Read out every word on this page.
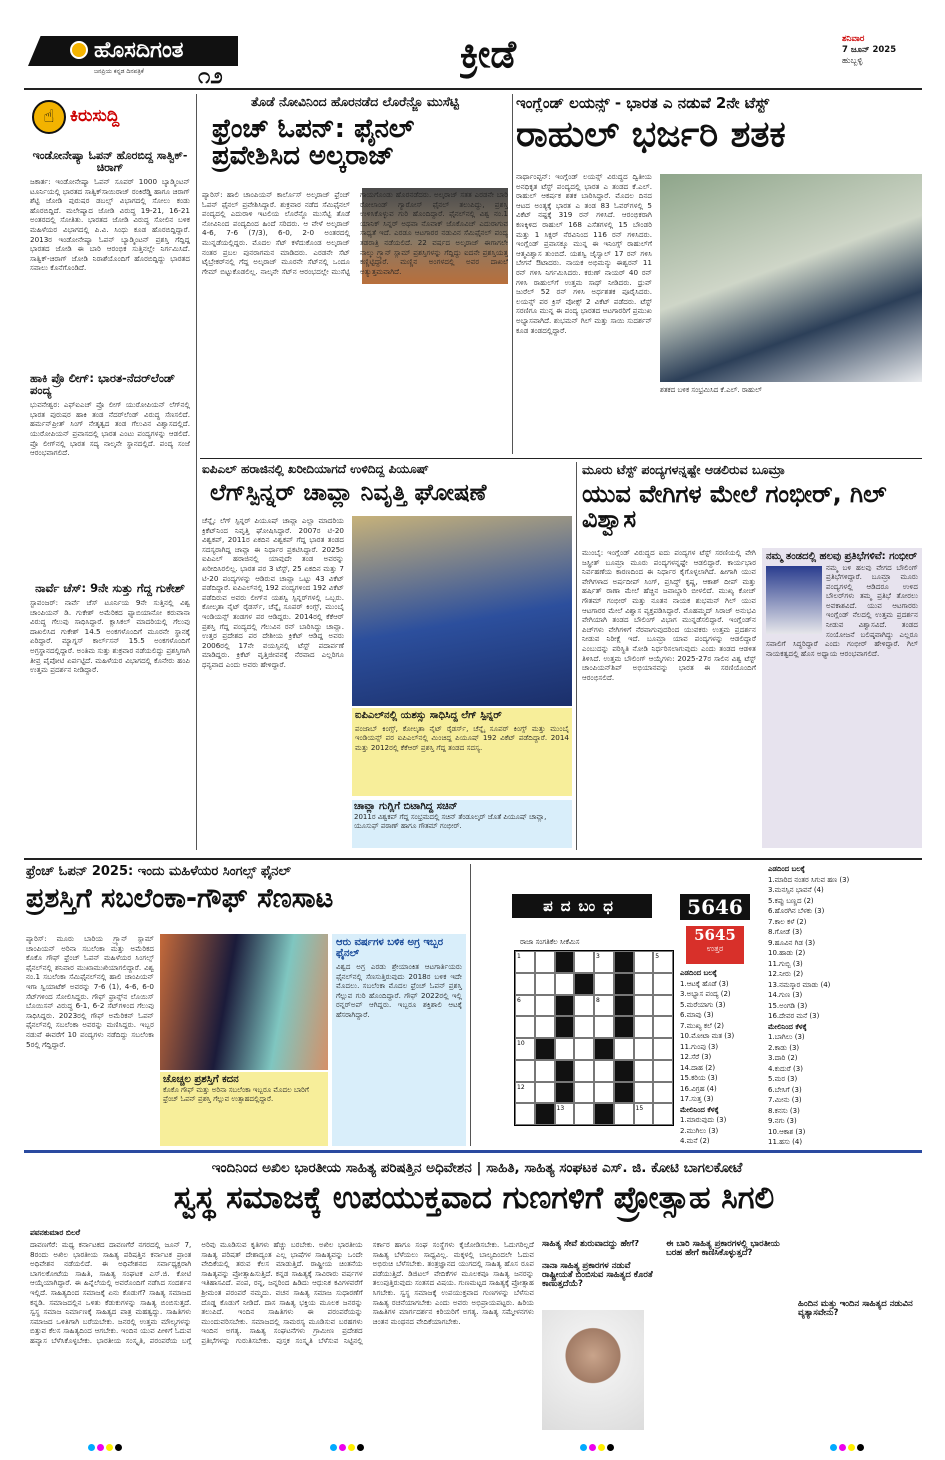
ಹೊಸದಿಗಂತ
ಜನಪ್ರಿಯ ಕನ್ನಡ ದಿನಪತ್ರಿಕೆ ೧೨
ಕ್ರೀಡೆ	ಶನಿವಾರ
7 ಜೂನ್ 2025
ಹುಬ್ಬಳ್ಳಿ
☝ ಕಿರುಸುದ್ದಿ
ಇಂಡೋನೇಷ್ಯಾ ಓಪನ್ ಹೊರಬಿದ್ದ ಸಾತ್ವಿಕ್-ಚಿರಾಗ್
ಜಕಾರ್ತ: ಇಂಡೋನೇಷ್ಯಾ ಓಪನ್ ಸೂಪರ್ 1000 ಬ್ಯಾಡ್ಮಿಂಟನ್ ಟೂರ್ನಿಯಲ್ಲಿ ಭಾರತದ ಸಾತ್ವಿಕ್‌ಸಾಯಿರಾಜ್ ರಂಕಿರೆಡ್ಡಿ ಹಾಗೂ ಚಿರಾಗ್ ಶೆಟ್ಟಿ ಜೋಡಿ ಪುರುಷರ ಡಬಲ್ಸ್ ವಿಭಾಗದಲ್ಲಿ ಸೋಲು ಕಂಡು ಹೊರಬಿದ್ದಿದೆ. ಮಲೇಷ್ಯಾದ ಜೋಡಿ ವಿರುದ್ಧ 19-21, 16-21 ಅಂತರದಲ್ಲಿ ಸೋತಿತು. ಭಾರತದ ಜೋಡಿ ವಿರುದ್ಧ ಸೋಲಿನ ಬಳಿಕ ಮಹಿಳೆಯರ ವಿಭಾಗದಲ್ಲಿ ಪಿ.ವಿ. ಸಿಂಧು ಕೂಡ ಹೊರಬಿದ್ದಿದ್ದಾರೆ. 2013ರ ಇಂಡೋನೇಷ್ಯಾ ಓಪನ್ ಬ್ಯಾಡ್ಮಿಂಟನ್ ಪ್ರಶಸ್ತಿ ಗೆದ್ದಿದ್ದ ಭಾರತದ ಜೋಡಿ ಈ ಬಾರಿ ಆರಂಭಿಕ ಸುತ್ತಿನಲ್ಲೇ ನಿರ್ಗಮಿಸಿದೆ. ಸಾತ್ವಿಕ್-ಚಿರಾಗ್ ಜೋಡಿ ನಿರಾಶೆಯೊಂದಿಗೆ ಹೊರಬಿದ್ದಿದ್ದು ಭಾರತದ ಸವಾಲು ಕೊನೆಗೊಂಡಿದೆ.
ಹಾಕಿ ಪ್ರೊ ಲೀಗ್: ಭಾರತ-ನೆದರ್‌ಲೆಂಡ್ ಪಂದ್ಯ
ಭುವನೇಶ್ವರ: ಎಫ್‌ಐಎಚ್ ಪ್ರೊ ಲೀಗ್ ಯುರೋಪಿಯನ್ ಲೆಗ್‌ನಲ್ಲಿ ಭಾರತ ಪುರುಷರ ಹಾಕಿ ತಂಡ ನೆದರ್‌ಲೆಂಡ್ ವಿರುದ್ಧ ಸೆಣಸಲಿದೆ. ಹರ್ಮನ್‌ಪ್ರೀತ್ ಸಿಂಗ್ ನೇತೃತ್ವದ ತಂಡ ಗೆಲುವಿನ ವಿಶ್ವಾಸದಲ್ಲಿದೆ. ಯುರೋಪಿಯನ್ ಪ್ರವಾಸದಲ್ಲಿ ಭಾರತ ಎಂಟು ಪಂದ್ಯಗಳನ್ನು ಆಡಲಿದೆ. ಪ್ರೊ ಲೀಗ್‌ನಲ್ಲಿ ಭಾರತ ಸದ್ಯ ನಾಲ್ಕನೇ ಸ್ಥಾನದಲ್ಲಿದೆ. ಪಂದ್ಯ ಸಂಜೆ ಆರಂಭವಾಗಲಿದೆ.
ನಾರ್ವೆ ಚೆಸ್: 9ನೇ ಸುತ್ತು ಗೆದ್ದ ಗುಕೇಶ್
ಸ್ಟಾವಂಜರ್: ನಾರ್ವೆ ಚೆಸ್ ಟೂರ್ನಿಯ 9ನೇ ಸುತ್ತಿನಲ್ಲಿ ವಿಶ್ವ ಚಾಂಪಿಯನ್ ಡಿ. ಗುಕೇಶ್ ಅಮೆರಿಕದ ಫ್ಯಾಬಿಯಾನೋ ಕರುವಾನಾ ವಿರುದ್ಧ ಗೆಲುವು ಸಾಧಿಸಿದ್ದಾರೆ. ಕ್ಲಾಸಿಕಲ್ ಮಾದರಿಯಲ್ಲಿ ಗೆಲುವು ದಾಖಲಿಸಿದ ಗುಕೇಶ್ 14.5 ಅಂಕಗಳೊಂದಿಗೆ ಮೂರನೇ ಸ್ಥಾನಕ್ಕೆ ಏರಿದ್ದಾರೆ. ಮ್ಯಾಗ್ನಸ್ ಕಾರ್ಲ್‌ಸನ್ 15.5 ಅಂಕಗಳೊಂದಿಗೆ ಅಗ್ರಸ್ಥಾನದಲ್ಲಿದ್ದಾರೆ. ಅಂತಿಮ ಸುತ್ತು ಶುಕ್ರವಾರ ನಡೆಯಲಿದ್ದು ಪ್ರಶಸ್ತಿಗಾಗಿ ತೀವ್ರ ಪೈಪೋಟಿ ಏರ್ಪಟ್ಟಿದೆ. ಮಹಿಳೆಯರ ವಿಭಾಗದಲ್ಲಿ ಕೊನೇರು ಹಂಪಿ ಉತ್ತಮ ಪ್ರದರ್ಶನ ನೀಡಿದ್ದಾರೆ.
ತೊಡೆ ನೋವಿನಿಂದ ಹೊರನಡೆದ ಲೊರೆನ್ಜೊ ಮುಸೆಟ್ಟಿ
ಫ್ರೆಂಚ್ ಓಪನ್: ಫೈನಲ್ ಪ್ರವೇಶಿಸಿದ ಅಲ್ಕರಾಜ್
ಪ್ಯಾರಿಸ್: ಹಾಲಿ ಚಾಂಪಿಯನ್ ಕಾರ್ಲೊಸ್ ಅಲ್ಕರಾಜ್ ಫ್ರೆಂಚ್ ಓಪನ್ ಫೈನಲ್ ಪ್ರವೇಶಿಸಿದ್ದಾರೆ. ಶುಕ್ರವಾರ ನಡೆದ ಸೆಮಿಫೈನಲ್ ಪಂದ್ಯದಲ್ಲಿ ಎದುರಾಳಿ ಇಟಲಿಯ ಲೊರೆನ್ಜೊ ಮುಸೆಟ್ಟಿ ತೊಡೆ ನೋವಿನಿಂದ ಪಂದ್ಯದಿಂದ ಹಿಂದೆ ಸರಿದರು. ಆ ವೇಳೆ ಅಲ್ಕರಾಜ್ 4-6, 7-6 (7/3), 6-0, 2-0 ಅಂತರದಲ್ಲಿ ಮುನ್ನಡೆಯಲ್ಲಿದ್ದರು. ಮೊದಲ ಸೆಟ್ ಕಳೆದುಕೊಂಡ ಅಲ್ಕರಾಜ್ ನಂತರ ಪ್ರಬಲ ಪುನರಾಗಮನ ಮಾಡಿದರು. ಎರಡನೇ ಸೆಟ್ ಟೈಬ್ರೇಕರ್‌ನಲ್ಲಿ ಗೆದ್ದ ಅಲ್ಕರಾಜ್ ಮೂರನೇ ಸೆಟ್‌ನಲ್ಲಿ ಒಂದೂ ಗೇಮ್ ಬಿಟ್ಟುಕೊಡಲಿಲ್ಲ. ನಾಲ್ಕನೇ ಸೆಟ್‌ನ ಆರಂಭದಲ್ಲೇ ಮುಸೆಟ್ಟಿ ಗಾಯಗೊಂಡು ಹೊರನಡೆದರು. ಅಲ್ಕರಾಜ್ ಸತತ ಎರಡನೇ ಬಾರಿ ರೋಲಾಂಡ್ ಗ್ಯಾರೋಸ್ ಫೈನಲ್ ತಲುಪಿದ್ದು, ಪ್ರಶಸ್ತಿ ಉಳಿಸಿಕೊಳ್ಳುವ ಗುರಿ ಹೊಂದಿದ್ದಾರೆ. ಫೈನಲ್‌ನಲ್ಲಿ ವಿಶ್ವ ನಂ.1 ಯಾನಿಕ್ ಸಿನ್ನರ್ ಅಥವಾ ನೊವಾಕ್ ಜೊಕೊವಿಚ್ ಎದುರಾಗುವ ಸಾಧ್ಯತೆ ಇದೆ. ಎರಡೂ ಆಟಗಾರರ ನಡುವಿನ ಸೆಮಿಫೈನಲ್ ಪಂದ್ಯ ತಡರಾತ್ರಿ ನಡೆಯಲಿದೆ. 22 ವರ್ಷದ ಅಲ್ಕರಾಜ್ ಈಗಾಗಲೇ ನಾಲ್ಕು ಗ್ರ್ಯಾನ್ ಸ್ಲಾಮ್ ಪ್ರಶಸ್ತಿಗಳನ್ನು ಗೆದ್ದಿದ್ದು ಐದನೇ ಪ್ರಶಸ್ತಿಯತ್ತ ಕಣ್ಣಿಟ್ಟಿದ್ದಾರೆ. ಮಣ್ಣಿನ ಅಂಗಳದಲ್ಲಿ ಅವರ ದಾಖಲೆ ಅತ್ಯುತ್ತಮವಾಗಿದೆ.
ಇಂಗ್ಲೆಂಡ್ ಲಯನ್ಸ್ - ಭಾರತ ಎ ನಡುವೆ 2ನೇ ಟೆಸ್ಟ್
ರಾಹುಲ್ ಭರ್ಜರಿ ಶತಕ
ನಾರ್ಥಾಂಪ್ಟನ್: ಇಂಗ್ಲೆಂಡ್ ಲಯನ್ಸ್ ವಿರುದ್ಧದ ದ್ವಿತೀಯ ಅನಧಿಕೃತ ಟೆಸ್ಟ್ ಪಂದ್ಯದಲ್ಲಿ ಭಾರತ ಎ ತಂಡದ ಕೆ.ಎಲ್. ರಾಹುಲ್ ಆಕರ್ಷಕ ಶತಕ ಬಾರಿಸಿದ್ದಾರೆ. ಮೊದಲ ದಿನದ ಆಟದ ಅಂತ್ಯಕ್ಕೆ ಭಾರತ ಎ ತಂಡ 83 ಓವರ್‌ಗಳಲ್ಲಿ 5 ವಿಕೆಟ್ ನಷ್ಟಕ್ಕೆ 319 ರನ್ ಗಳಿಸಿದೆ. ಆರಂಭಿಕರಾಗಿ ಕಣಕ್ಕಿಳಿದ ರಾಹುಲ್ 168 ಎಸೆತಗಳಲ್ಲಿ 15 ಬೌಂಡರಿ ಮತ್ತು 1 ಸಿಕ್ಸರ್ ನೆರವಿನಿಂದ 116 ರನ್ ಗಳಿಸಿದರು. ಇಂಗ್ಲೆಂಡ್ ಪ್ರವಾಸಕ್ಕೂ ಮುನ್ನ ಈ ಇನಿಂಗ್ಸ್ ರಾಹುಲ್‌ಗೆ ಆತ್ಮವಿಶ್ವಾಸ ತುಂಬಿದೆ. ಯಶಸ್ವಿ ಜೈಸ್ವಾಲ್ 17 ರನ್ ಗಳಿಸಿ ಬೇಗನೆ ಔಟಾದರು. ನಾಯಕ ಅಭಿಮನ್ಯು ಈಶ್ವರನ್ 11 ರನ್ ಗಳಿಸಿ ನಿರ್ಗಮಿಸಿದರು. ಕರುಣ್ ನಾಯರ್ 40 ರನ್ ಗಳಿಸಿ ರಾಹುಲ್‌ಗೆ ಉತ್ತಮ ಸಾಥ್ ನೀಡಿದರು. ಧ್ರುವ್ ಜುರೆಲ್ 52 ರನ್ ಗಳಿಸಿ ಅರ್ಧಶತಕ ಪೂರೈಸಿದರು. ಲಯನ್ಸ್ ಪರ ಕ್ರಿಸ್ ವೋಕ್ಸ್ 2 ವಿಕೆಟ್ ಪಡೆದರು. ಟೆಸ್ಟ್ ಸರಣಿಗೂ ಮುನ್ನ ಈ ಪಂದ್ಯ ಭಾರತದ ಆಟಗಾರರಿಗೆ ಪ್ರಮುಖ ಅಭ್ಯಾಸವಾಗಿದೆ. ಶುಭಮನ್ ಗಿಲ್ ಮತ್ತು ಸಾಯಿ ಸುದರ್ಶನ್ ಕೂಡ ತಂಡದಲ್ಲಿದ್ದಾರೆ.
ಶತಕದ ಬಳಿಕ ಸಂಭ್ರಮಿಸಿದ ಕೆ.ಎಲ್. ರಾಹುಲ್
ಐಪಿಎಲ್ ಹರಾಜಿನಲ್ಲಿ ಖರೀದಿಯಾಗದೆ ಉಳಿದಿದ್ದ ಪಿಯೂಷ್
ಲೆಗ್‌ಸ್ಪಿನ್ನರ್ ಚಾವ್ಲಾ ನಿವೃತ್ತಿ ಘೋಷಣೆ
ಚೆನ್ನೈ: ಲೆಗ್ ಸ್ಪಿನ್ನರ್ ಪಿಯೂಷ್ ಚಾವ್ಲಾ ಎಲ್ಲಾ ಮಾದರಿಯ ಕ್ರಿಕೆಟ್‌ನಿಂದ ನಿವೃತ್ತಿ ಘೋಷಿಸಿದ್ದಾರೆ. 2007ರ ಟಿ-20 ವಿಶ್ವಕಪ್, 2011ರ ಏಕದಿನ ವಿಶ್ವಕಪ್ ಗೆದ್ದ ಭಾರತ ತಂಡದ ಸದಸ್ಯರಾಗಿದ್ದ ಚಾವ್ಲಾ ಈ ನಿರ್ಧಾರ ಪ್ರಕಟಿಸಿದ್ದಾರೆ. 2025ರ ಐಪಿಎಲ್ ಹರಾಜಿನಲ್ಲಿ ಯಾವುದೇ ತಂಡ ಅವರನ್ನು ಖರೀದಿಸಿರಲಿಲ್ಲ. ಭಾರತ ಪರ 3 ಟೆಸ್ಟ್, 25 ಏಕದಿನ ಮತ್ತು 7 ಟಿ-20 ಪಂದ್ಯಗಳನ್ನು ಆಡಿರುವ ಚಾವ್ಲಾ ಒಟ್ಟು 43 ವಿಕೆಟ್ ಪಡೆದಿದ್ದಾರೆ. ಐಪಿಎಲ್‌ನಲ್ಲಿ 192 ಪಂದ್ಯಗಳಿಂದ 192 ವಿಕೆಟ್ ಪಡೆದಿರುವ ಅವರು ಲೀಗ್‌ನ ಯಶಸ್ವಿ ಸ್ಪಿನ್ನರ್‌ಗಳಲ್ಲಿ ಒಬ್ಬರು. ಕೋಲ್ಕತಾ ನೈಟ್ ರೈಡರ್ಸ್, ಚೆನ್ನೈ ಸೂಪರ್ ಕಿಂಗ್ಸ್, ಮುಂಬೈ ಇಂಡಿಯನ್ಸ್ ತಂಡಗಳ ಪರ ಆಡಿದ್ದರು. 2014ರಲ್ಲಿ ಕೆಕೆಆರ್ ಪ್ರಶಸ್ತಿ ಗೆದ್ದ ಪಂದ್ಯದಲ್ಲಿ ಗೆಲುವಿನ ರನ್ ಬಾರಿಸಿದ್ದು ಚಾವ್ಲಾ. ಉತ್ತರ ಪ್ರದೇಶದ ಪರ ದೇಶೀಯ ಕ್ರಿಕೆಟ್ ಆಡಿದ್ದ ಅವರು 2006ರಲ್ಲಿ 17ನೇ ವಯಸ್ಸಿನಲ್ಲಿ ಟೆಸ್ಟ್ ಪದಾರ್ಪಣೆ ಮಾಡಿದ್ದರು. ಕ್ರಿಕೆಟ್ ವೃತ್ತಿಜೀವನಕ್ಕೆ ನೆರವಾದ ಎಲ್ಲರಿಗೂ ಧನ್ಯವಾದ ಎಂದು ಅವರು ಹೇಳಿದ್ದಾರೆ.
ಐಪಿಎಲ್‌ನಲ್ಲಿ ಯಶಸ್ಸು ಸಾಧಿಸಿದ್ದ ಲೆಗ್ ಸ್ಪಿನ್ನರ್
ಪಂಜಾಬ್ ಕಿಂಗ್ಸ್, ಕೋಲ್ಕತಾ ನೈಟ್ ರೈಡರ್ಸ್, ಚೆನ್ನೈ ಸೂಪರ್ ಕಿಂಗ್ಸ್ ಮತ್ತು ಮುಂಬೈ ಇಂಡಿಯನ್ಸ್ ಪರ ಐಪಿಎಲ್‌ನಲ್ಲಿ ಮಿಂಚಿದ್ದ ಪಿಯೂಷ್ 192 ವಿಕೆಟ್ ಪಡೆದಿದ್ದಾರೆ. 2014 ಮತ್ತು 2012ರಲ್ಲಿ ಕೆಕೆಆರ್ ಪ್ರಶಸ್ತಿ ಗೆದ್ದ ತಂಡದ ಸದಸ್ಯ.
ಚಾವ್ಲಾ ಗುಗ್ಲಿಗೆ ಬಿಟಾಗಿದ್ದ ಸಚಿನ್
2011ರ ವಿಶ್ವಕಪ್ ಗೆದ್ದ ಸಂಭ್ರಮದಲ್ಲಿ ಸಚಿನ್ ತೆಂಡೂಲ್ಕರ್ ಜೊತೆ ಪಿಯೂಷ್ ಚಾವ್ಲಾ, ಯೂಸುಫ್ ಪಠಾಣ್ ಹಾಗೂ ಗೌತಮ್ ಗಂಭೀರ್.
ಮೂರು ಟೆಸ್ಟ್ ಪಂದ್ಯಗಳನ್ನಷ್ಟೇ ಆಡಲಿರುವ ಬೂಮ್ರಾ
ಯುವ ವೇಗಿಗಳ ಮೇಲೆ ಗಂಭೀರ್, ಗಿಲ್ ವಿಶ್ವಾಸ
ಮುಂಬೈ: ಇಂಗ್ಲೆಂಡ್ ವಿರುದ್ಧದ ಐದು ಪಂದ್ಯಗಳ ಟೆಸ್ಟ್ ಸರಣಿಯಲ್ಲಿ ವೇಗಿ ಜಸ್ಪ್ರೀತ್ ಬೂಮ್ರಾ ಮೂರು ಪಂದ್ಯಗಳನ್ನಷ್ಟೇ ಆಡಲಿದ್ದಾರೆ. ಕಾರ್ಯಭಾರ ನಿರ್ವಹಣೆಯ ಕಾರಣದಿಂದ ಈ ನಿರ್ಧಾರ ಕೈಗೊಳ್ಳಲಾಗಿದೆ. ಹೀಗಾಗಿ ಯುವ ವೇಗಿಗಳಾದ ಅರ್ಷದೀಪ್ ಸಿಂಗ್, ಪ್ರಸಿದ್ಧ್ ಕೃಷ್ಣ, ಆಕಾಶ್ ದೀಪ್ ಮತ್ತು ಹರ್ಷಿತ್ ರಾಣಾ ಮೇಲೆ ಹೆಚ್ಚಿನ ಜವಾಬ್ದಾರಿ ಬೀಳಲಿದೆ. ಮುಖ್ಯ ಕೋಚ್ ಗೌತಮ್ ಗಂಭೀರ್ ಮತ್ತು ನೂತನ ನಾಯಕ ಶುಭಮನ್ ಗಿಲ್ ಯುವ ಆಟಗಾರರ ಮೇಲೆ ವಿಶ್ವಾಸ ವ್ಯಕ್ತಪಡಿಸಿದ್ದಾರೆ. ಮೊಹಮ್ಮದ್ ಸಿರಾಜ್ ಅನುಭವಿ ವೇಗಿಯಾಗಿ ತಂಡದ ಬೌಲಿಂಗ್ ವಿಭಾಗ ಮುನ್ನಡೆಸಲಿದ್ದಾರೆ. ಇಂಗ್ಲೆಂಡ್‌ನ ಪಿಚ್‌ಗಳು ವೇಗಿಗಳಿಗೆ ನೆರವಾಗುವುದರಿಂದ ಯುವಕರು ಉತ್ತಮ ಪ್ರದರ್ಶನ ನೀಡುವ ನಿರೀಕ್ಷೆ ಇದೆ. ಬೂಮ್ರಾ ಯಾವ ಪಂದ್ಯಗಳನ್ನು ಆಡಲಿದ್ದಾರೆ ಎಂಬುದನ್ನು ಪರಿಸ್ಥಿತಿ ನೋಡಿ ನಿರ್ಧರಿಸಲಾಗುವುದು ಎಂದು ತಂಡದ ಆಡಳಿತ ತಿಳಿಸಿದೆ. ಉತ್ತಮ ಬೌಲಿಂಗ್ ಆಯ್ಕೆಗಳು: 2025-27ರ ಸಾಲಿನ ವಿಶ್ವ ಟೆಸ್ಟ್ ಚಾಂಪಿಯನ್‌ಶಿಪ್ ಅಭಿಯಾನವನ್ನು ಭಾರತ ಈ ಸರಣಿಯೊಂದಿಗೆ ಆರಂಭಿಸಲಿದೆ.
ನಮ್ಮ ತಂಡದಲ್ಲಿ ಹಲವು ಪ್ರತಿಭೆಗಳಿವೆ: ಗಂಭೀರ್
ನಮ್ಮ ಬಳಿ ಹಲವು ವೇಗದ ಬೌಲಿಂಗ್ ಪ್ರತಿಭೆಗಳಿದ್ದಾರೆ. ಬೂಮ್ರಾ ಮೂರು ಪಂದ್ಯಗಳಲ್ಲಿ ಆಡಿದರೂ ಉಳಿದ ಬೌಲರ್‌ಗಳು ತಮ್ಮ ಪ್ರತಿಭೆ ತೋರಲು ಅವಕಾಶವಿದೆ. ಯುವ ಆಟಗಾರರು ಇಂಗ್ಲೆಂಡ್ ನೆಲದಲ್ಲಿ ಉತ್ತಮ ಪ್ರದರ್ಶನ ನೀಡುವ ವಿಶ್ವಾಸವಿದೆ. ತಂಡದ ಸಂಯೋಜನೆ ಬಲಿಷ್ಠವಾಗಿದ್ದು ಎಲ್ಲರೂ ಸವಾಲಿಗೆ ಸಿದ್ಧರಿದ್ದಾರೆ ಎಂದು ಗಂಭೀರ್ ಹೇಳಿದ್ದಾರೆ. ಗಿಲ್ ನಾಯಕತ್ವದಲ್ಲಿ ಹೊಸ ಅಧ್ಯಾಯ ಆರಂಭವಾಗಲಿದೆ.
ಫ್ರೆಂಚ್ ಓಪನ್ 2025: ಇಂದು ಮಹಿಳೆಯರ ಸಿಂಗಲ್ಸ್ ಫೈನಲ್
ಪ್ರಶಸ್ತಿಗೆ ಸಬಲೆಂಕಾ-ಗೌಫ್ ಸೆಣಸಾಟ
ಪ್ಯಾರಿಸ್: ಮೂರು ಬಾರಿಯ ಗ್ರ್ಯಾನ್ ಸ್ಲಾಮ್ ಚಾಂಪಿಯನ್ ಅರಿನಾ ಸಬಲೆಂಕಾ ಮತ್ತು ಅಮೆರಿಕದ ಕೊಕೊ ಗೌಫ್ ಫ್ರೆಂಚ್ ಓಪನ್ ಮಹಿಳೆಯರ ಸಿಂಗಲ್ಸ್ ಫೈನಲ್‌ನಲ್ಲಿ ಶನಿವಾರ ಮುಖಾಮುಖಿಯಾಗಲಿದ್ದಾರೆ. ವಿಶ್ವ ನಂ.1 ಸಬಲೆಂಕಾ ಸೆಮಿಫೈನಲ್‌ನಲ್ಲಿ ಹಾಲಿ ಚಾಂಪಿಯನ್ ಇಗಾ ಸ್ವಿಯಾಟೆಕ್ ಅವರನ್ನು 7-6 (1), 4-6, 6-0 ಸೆಟ್‌ಗಳಿಂದ ಸೋಲಿಸಿದ್ದರು. ಗೌಫ್ ಫ್ರಾನ್ಸ್‌ನ ಲೊಯಿಸ್ ಬೊಯಿಸನ್ ವಿರುದ್ಧ 6-1, 6-2 ಸೆಟ್‌ಗಳಿಂದ ಗೆಲುವು ಸಾಧಿಸಿದ್ದರು. 2023ರಲ್ಲಿ ಗೌಫ್ ಅಮೆರಿಕನ್ ಓಪನ್ ಫೈನಲ್‌ನಲ್ಲಿ ಸಬಲೆಂಕಾ ಅವರನ್ನು ಮಣಿಸಿದ್ದರು. ಇಬ್ಬರ ನಡುವೆ ಈವರೆಗೆ 10 ಪಂದ್ಯಗಳು ನಡೆದಿದ್ದು ಸಬಲೆಂಕಾ 5ರಲ್ಲಿ ಗೆದ್ದಿದ್ದಾರೆ.
ಚೊಚ್ಚಲ ಪ್ರಶಸ್ತಿಗೆ ಕದನ
ಕೊಕೊ ಗೌಫ್ ಮತ್ತು ಅರಿನಾ ಸಬಲೆಂಕಾ ಇಬ್ಬರೂ ಮೊದಲ ಬಾರಿಗೆ ಫ್ರೆಂಚ್ ಓಪನ್ ಪ್ರಶಸ್ತಿ ಗೆಲ್ಲುವ ಉತ್ಸಾಹದಲ್ಲಿದ್ದಾರೆ.
ಆರು ವರ್ಷಗಳ ಬಳಿಕ ಅಗ್ರ ಇಬ್ಬರ ಫೈನಲ್
ವಿಶ್ವದ ಅಗ್ರ ಎರಡು ಶ್ರೇಯಾಂಕಿತ ಆಟಗಾರ್ತಿಯರು ಫೈನಲ್‌ನಲ್ಲಿ ಸೆಣಸುತ್ತಿರುವುದು 2018ರ ಬಳಿಕ ಇದೇ ಮೊದಲು. ಸಬಲೆಂಕಾ ಮೊದಲ ಫ್ರೆಂಚ್ ಓಪನ್ ಪ್ರಶಸ್ತಿ ಗೆಲ್ಲುವ ಗುರಿ ಹೊಂದಿದ್ದಾರೆ. ಗೌಫ್ 2022ರಲ್ಲಿ ಇಲ್ಲಿ ರನ್ನರ್‌ಅಪ್ ಆಗಿದ್ದರು. ಇಬ್ಬರೂ ಶಕ್ತಿಶಾಲಿ ಆಟಕ್ಕೆ ಹೆಸರಾಗಿದ್ದಾರೆ.
ಪದಬಂಧ	5646
5645
ಉತ್ತರ
ರಾಜಾ ಸಂಗತಿಕೆಲ ಸೀಕೆಮಿಸ
1	3	5
6	8
10
12
13	15
ಎಡದಿಂದ ಬಲಕ್ಕೆ
1.ಆಟಕ್ಕೆ ಹೊಡೆ (3)
3.ಅಭ್ಯಾಸ ಪಂದ್ಯ (2)
5.ಮರೆಯಾಗು (3)
6.ಮಾವು (3)
7.ಮುಖ್ಯ ಕಲೆ (2)
10.ಮೋಟಾ ಮತ (3)
11.ಗುಂಪು (3)
12.ಸೆರೆ (3)
14.ದಾಹ (2)
15.ಕರಿಯ (3)
16.ವಿಗ್ರಹ (4)
17.ಸುತ್ತ (3)
ಮೇಲಿನಿಂದ ಕೆಳಕ್ಕೆ
1.ಮಾರುವುದು (3)
2.ಮುಗಿಲು (3)
4.ಮನೆ (2)
ಎಡದಿಂದ ಬಲಕ್ಕೆ
1.ಮಾರಿದ ನಂತರ ಸಿಗುವ ಹಣ (3)
3.ಮನಸ್ಸಿನ ಭಾವನೆ (4)
5.ಕಪ್ಪು ಬಣ್ಣದ (2)
6.ಹೊರಗಿನ ಬೆಳಕು (3)
7.ಕಾಲ ಕಳೆ (2)
8.ಗೋಡೆ (3)
9.ಹೂವಿನ ಗಿಡ (3)
10.ಹಾಡು (2)
11.ಗುಬ್ಬಿ (3)
12.ನೀರು (2)
13.ನಮಸ್ಕಾರ ಮಾಡು (4)
14.ಗುಣ (3)
15.ಅಂಗಡಿ (3)
16.ದೇವರ ಮನೆ (3)
ಮೇಲಿನಿಂದ ಕೆಳಕ್ಕೆ
1.ಬಾಗಿಲು (3)
2.ಕಾಡು (3)
3.ದಾರಿ (2)
4.ಕುದುರೆ (3)
5.ಮರ (3)
6.ಬೇಸಿಗೆ (3)
7.ಮೀನು (3)
8.ಕನಸು (3)
9.ನಗು (3)
10.ಆಕಾಶ (3)
11.ಹಸು (4)
ಇಂದಿನಿಂದ ಅಖಿಲ ಭಾರತೀಯ ಸಾಹಿತ್ಯ ಪರಿಷತ್ತಿನ ಅಧಿವೇಶನ | ಸಾಹಿತಿ, ಸಾಹಿತ್ಯ ಸಂಘಟಕ ಎಸ್. ಜಿ. ಕೋಟಿ ಬಾಗಲಕೋಟೆ
ಸ್ವಸ್ಥ ಸಮಾಜಕ್ಕೆ ಉಪಯುಕ್ತವಾದ ಗುಣಗಳಿಗೆ ಪ್ರೋತ್ಸಾಹ ಸಿಗಲಿ
ಪವನಕುಮಾರ ಬಿಲರೆ
ದಾವಣಗೆರೆ: ಮಧ್ಯ ಕರ್ನಾಟಕದ ದಾವಣಗೆರೆ ನಗರದಲ್ಲಿ ಜೂನ್ 7, 8ರಂದು ಅಖಿಲ ಭಾರತೀಯ ಸಾಹಿತ್ಯ ಪರಿಷತ್ತಿನ ಕರ್ನಾಟಕ ಪ್ರಾಂತ ಅಧಿವೇಶನ ನಡೆಯಲಿದೆ. ಈ ಅಧಿವೇಶನದ ಸರ್ವಾಧ್ಯಕ್ಷರಾಗಿ ಬಾಗಲಕೋಟೆಯ ಸಾಹಿತಿ, ಸಾಹಿತ್ಯ ಸಂಘಟಕ ಎಸ್.ಜಿ. ಕೋಟಿ ಆಯ್ಕೆಯಾಗಿದ್ದಾರೆ. ಈ ಹಿನ್ನೆಲೆಯಲ್ಲಿ ಅವರೊಂದಿಗೆ ನಡೆಸಿದ ಸಂದರ್ಶನ ಇಲ್ಲಿದೆ. ಸಾಹಿತ್ಯದಿಂದ ಸಮಾಜಕ್ಕೆ ಏನು ಕೊಡುಗೆ? ಸಾಹಿತ್ಯ ಸಮಾಜದ ಕನ್ನಡಿ. ಸಮಾಜದಲ್ಲಿನ ಒಳಿತು ಕೆಡುಕುಗಳನ್ನು ಸಾಹಿತ್ಯ ಬಿಂಬಿಸುತ್ತದೆ. ಸ್ವಸ್ಥ ಸಮಾಜ ನಿರ್ಮಾಣಕ್ಕೆ ಸಾಹಿತ್ಯದ ಪಾತ್ರ ಮಹತ್ವದ್ದು. ಸಾಹಿತಿಗಳು ಸಮಾಜದ ಒಳಿತಿಗಾಗಿ ಬರೆಯಬೇಕು. ಜನರಲ್ಲಿ ಉತ್ತಮ ಮೌಲ್ಯಗಳನ್ನು ಬಿತ್ತುವ ಕೆಲಸ ಸಾಹಿತ್ಯದಿಂದ ಆಗಬೇಕು. ಇಂದಿನ ಯುವ ಪೀಳಿಗೆ ಓದುವ ಹವ್ಯಾಸ ಬೆಳೆಸಿಕೊಳ್ಳಬೇಕು. ಭಾರತೀಯ ಸಂಸ್ಕೃತಿ, ಪರಂಪರೆಯ ಬಗ್ಗೆ ಅರಿವು ಮೂಡಿಸುವ ಕೃತಿಗಳು ಹೆಚ್ಚು ಬರಬೇಕು. ಅಖಿಲ ಭಾರತೀಯ ಸಾಹಿತ್ಯ ಪರಿಷತ್ ದೇಶಾದ್ಯಂತ ಎಲ್ಲ ಭಾಷೆಗಳ ಸಾಹಿತ್ಯವನ್ನು ಒಂದೇ ವೇದಿಕೆಯಲ್ಲಿ ತರುವ ಕೆಲಸ ಮಾಡುತ್ತಿದೆ. ರಾಷ್ಟ್ರೀಯ ಚಿಂತನೆಯ ಸಾಹಿತ್ಯವನ್ನು ಪ್ರೋತ್ಸಾಹಿಸುತ್ತಿದೆ. ಕನ್ನಡ ಸಾಹಿತ್ಯಕ್ಕೆ ಸಾವಿರಾರು ವರ್ಷಗಳ ಇತಿಹಾಸವಿದೆ. ಪಂಪ, ರನ್ನ, ಜನ್ನರಿಂದ ಹಿಡಿದು ಆಧುನಿಕ ಕವಿಗಳವರೆಗೆ ಶ್ರೀಮಂತ ಪರಂಪರೆ ನಮ್ಮದು. ವಚನ ಸಾಹಿತ್ಯ ಸಮಾಜ ಸುಧಾರಣೆಗೆ ದೊಡ್ಡ ಕೊಡುಗೆ ನೀಡಿದೆ. ದಾಸ ಸಾಹಿತ್ಯ ಭಕ್ತಿಯ ಮೂಲಕ ಜನರನ್ನು ತಲುಪಿದೆ. ಇಂದಿನ ಸಾಹಿತಿಗಳು ಈ ಪರಂಪರೆಯನ್ನು ಮುಂದುವರಿಸಬೇಕು. ಸಮಾಜದಲ್ಲಿ ಸಾಮರಸ್ಯ ಮೂಡಿಸುವ ಬರಹಗಳು ಇಂದಿನ ಅಗತ್ಯ. ಸಾಹಿತ್ಯ ಸಂಘಟನೆಗಳು ಗ್ರಾಮೀಣ ಪ್ರದೇಶದ ಪ್ರತಿಭೆಗಳನ್ನು ಗುರುತಿಸಬೇಕು. ಪುಸ್ತಕ ಸಂಸ್ಕೃತಿ ಬೆಳೆಸುವ ನಿಟ್ಟಿನಲ್ಲಿ ಸರ್ಕಾರ ಹಾಗೂ ಸಂಘ ಸಂಸ್ಥೆಗಳು ಕೈಜೋಡಿಸಬೇಕು. ಓದುಗರಿಲ್ಲದೆ ಸಾಹಿತ್ಯ ಬೆಳೆಯಲು ಸಾಧ್ಯವಿಲ್ಲ. ಮಕ್ಕಳಲ್ಲಿ ಬಾಲ್ಯದಿಂದಲೇ ಓದುವ ಅಭಿರುಚಿ ಬೆಳೆಸಬೇಕು. ತಂತ್ರಜ್ಞಾನದ ಯುಗದಲ್ಲಿ ಸಾಹಿತ್ಯ ಹೊಸ ರೂಪ ಪಡೆಯುತ್ತಿದೆ. ಡಿಜಿಟಲ್ ವೇದಿಕೆಗಳ ಮೂಲಕವೂ ಸಾಹಿತ್ಯ ಜನರನ್ನು ತಲುಪುತ್ತಿರುವುದು ಸಂತಸದ ವಿಷಯ. ಗುಣಮಟ್ಟದ ಸಾಹಿತ್ಯಕ್ಕೆ ಪ್ರೋತ್ಸಾಹ ಸಿಗಬೇಕು. ಸ್ವಸ್ಥ ಸಮಾಜಕ್ಕೆ ಉಪಯುಕ್ತವಾದ ಗುಣಗಳನ್ನು ಬೆಳೆಸುವ ಸಾಹಿತ್ಯ ರಚನೆಯಾಗಬೇಕು ಎಂದು ಅವರು ಅಭಿಪ್ರಾಯಪಟ್ಟರು. ಹಿರಿಯ ಸಾಹಿತಿಗಳ ಮಾರ್ಗದರ್ಶನ ಕಿರಿಯರಿಗೆ ಅಗತ್ಯ. ಸಾಹಿತ್ಯ ಸಮ್ಮೇಳನಗಳು ಚಿಂತನ ಮಂಥನದ ವೇದಿಕೆಯಾಗಬೇಕು.
ಸಾಹಿತ್ಯ ಸೇವೆ ಶುರುವಾದದ್ದು ಹೇಗೆ?
ನಾನಾ ಸಾಹಿತ್ಯ ಪ್ರಕಾರಗಳ ನಡುವೆ ರಾಷ್ಟ್ರೀಯತೆ ಬಿಂಬಿಸುವ ಸಾಹಿತ್ಯದ ಕೊರತೆ ಕಾಣುತ್ತದೆಯೆ?
ಈ ಬಾರಿ ಸಾಹಿತ್ಯ ಪ್ರಕಾರಗಳಲ್ಲಿ ಭಾರತೀಯ ಬರಹ ಹೇಗೆ ಕಾಣಿಸಿಕೊಳ್ಳುತ್ತದೆ?
ಹಿಂದಿನ ಮತ್ತು ಇಂದಿನ ಸಾಹಿತ್ಯದ ನಡುವಿನ ವ್ಯತ್ಯಾಸವೇನು?
